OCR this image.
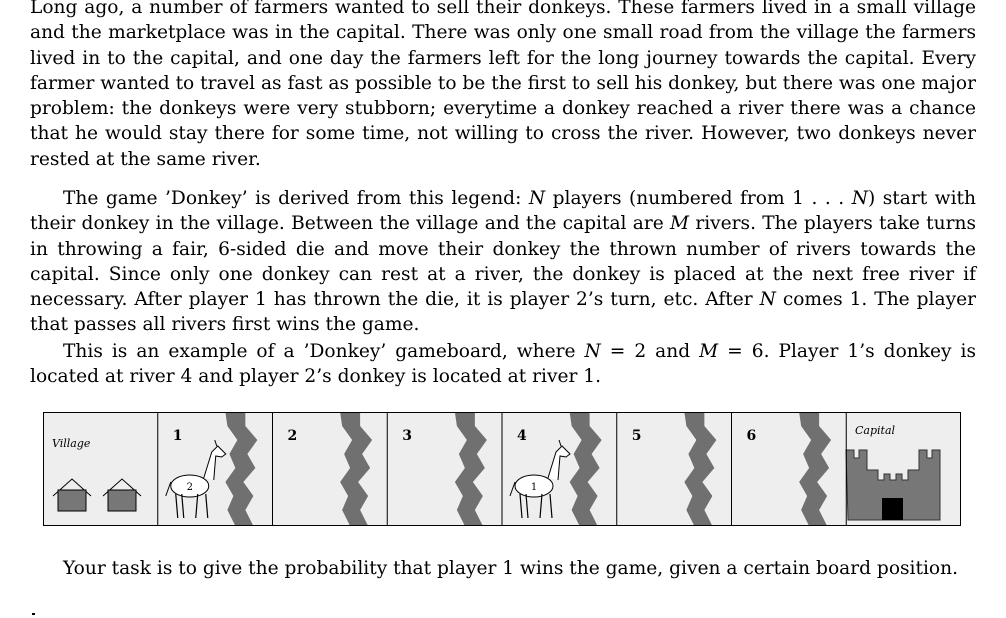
Long ago, a number of farmers wanted to sell their donkeys. These farmers lived in a small village and the marketplace was in the capital. There was only one small road from the village the farmers lived in to the capital, and one day the farmers left for the long journey towards the capital. Every farmer wanted to travel as fast as possible to be the first to sell his donkey, but there was one major problem: the donkeys were very stubborn; everytime a donkey reached a river there was a chance that he would stay there for some time, not willing to cross the river. However, two donkeys never rested at the same river.

The game ’Donkey’ is derived from this legend: N players (numbered from 1 . . . N) start with their donkey in the village. Between the village and the capital are M rivers. The players take turns in throwing a fair, 6-sided die and move their donkey the thrown number of rivers towards the capital. Since only one donkey can rest at a river, the donkey is placed at the next free river if necessary. After player 1 has thrown the die, it is player 2’s turn, etc. After N comes 1. The player that passes all rivers first wins the game.

This is an example of a ’Donkey’ gameboard, where N = 2 and M = 6. Player 1’s donkey is located at river 4 and player 2’s donkey is located at river 1.

Village	1	2	3	4	5	6
2	1
Capital

Your task is to give the probability that player 1 wins the game, given a certain board position.
